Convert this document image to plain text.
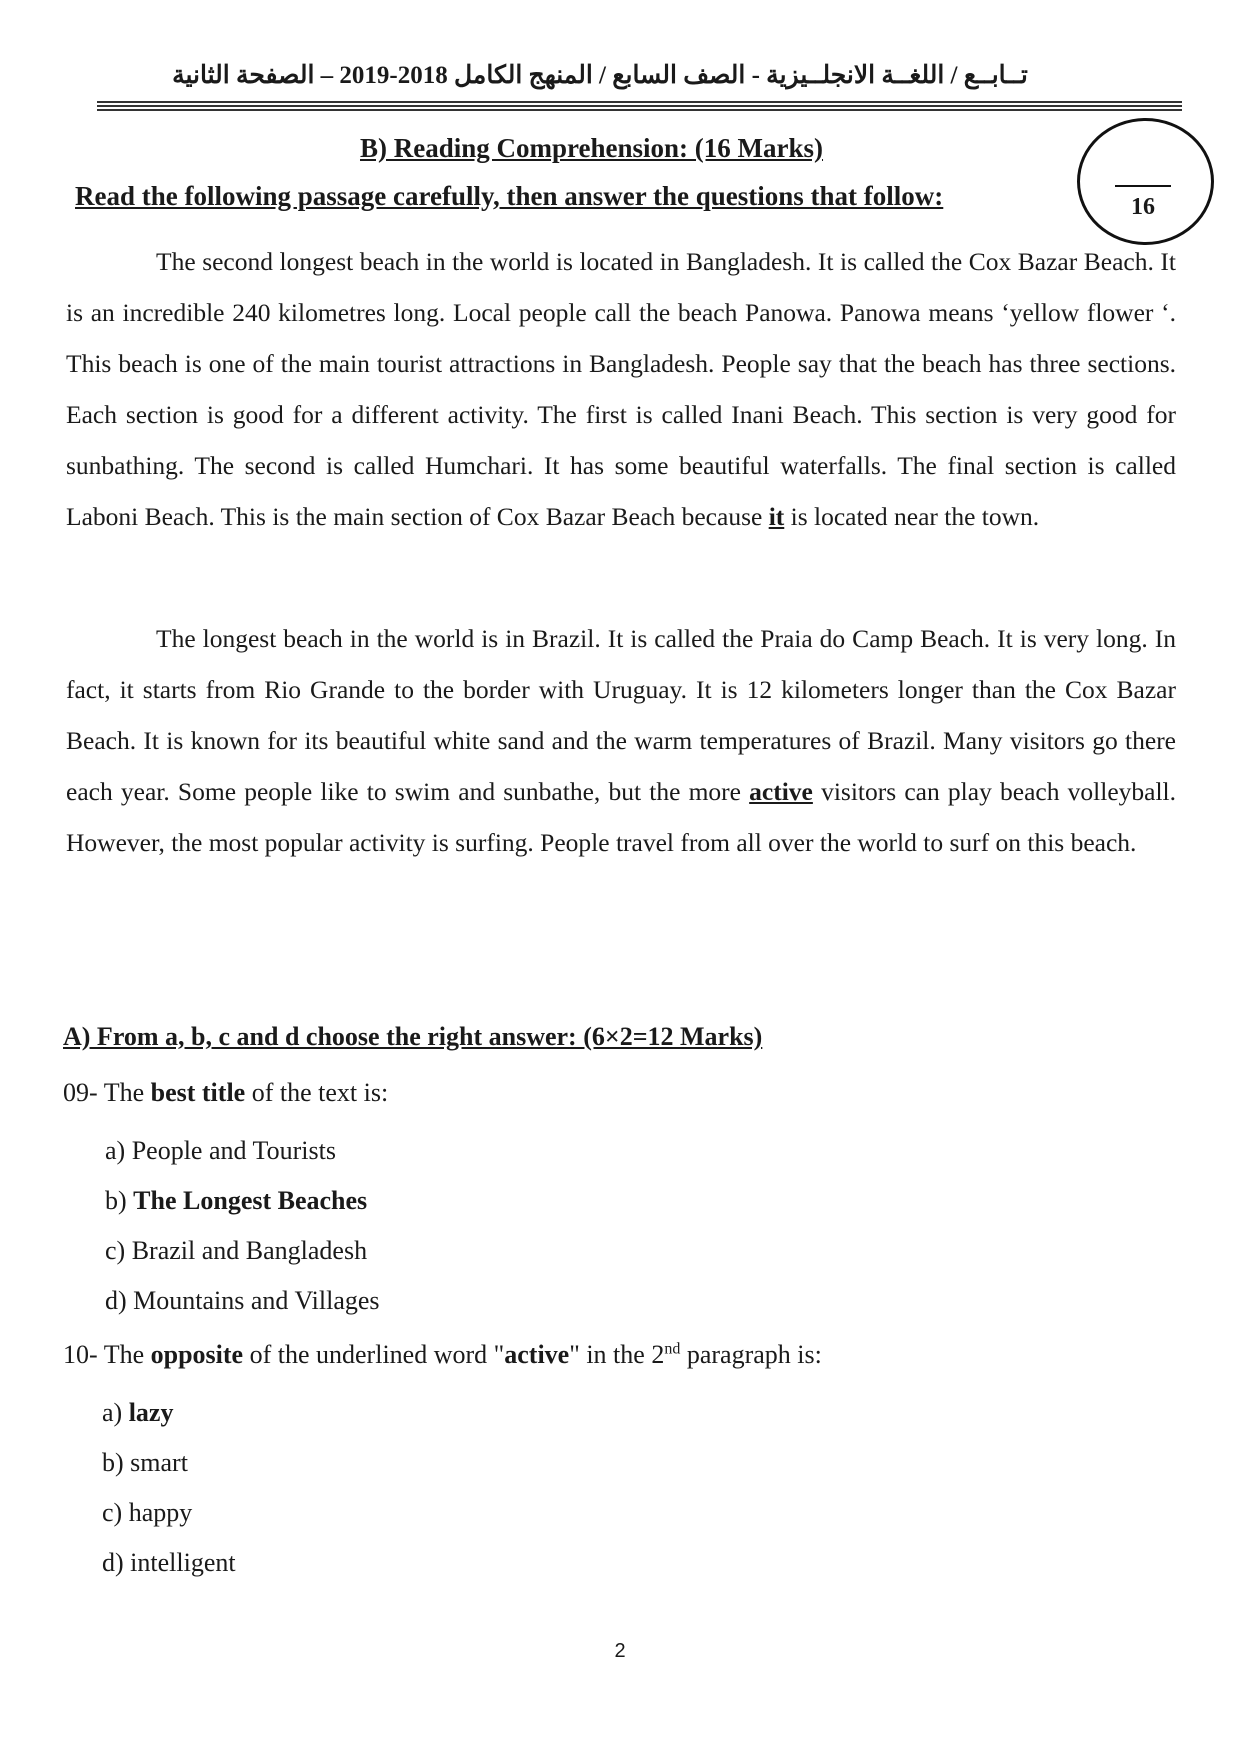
تــابــع / اللغــة الانجلــيزية - الصف السابع / المنهج الكامل 2018-2019 – الصفحة الثانية
B) Reading Comprehension: (16 Marks)
Read the following passage carefully, then answer the questions that follow:	16
The second longest beach in the world is located in Bangladesh. It is called the Cox Bazar Beach. It is an incredible 240 kilometres long. Local people call the beach Panowa. Panowa means ‘yellow flower ‘. This beach is one of the main tourist attractions in Bangladesh. People say that the beach has three sections. Each section is good for a different activity. The first is called Inani Beach. This section is very good for sunbathing. The second is called Humchari. It has some beautiful waterfalls. The final section is called Laboni Beach. This is the main section of Cox Bazar Beach because it is located near the town.
The longest beach in the world is in Brazil. It is called the Praia do Camp Beach. It is very long. In fact, it starts from Rio Grande to the border with Uruguay. It is 12 kilometers longer than the Cox Bazar Beach. It is known for its beautiful white sand and the warm temperatures of Brazil. Many visitors go there each year. Some people like to swim and sunbathe, but the more active visitors can play beach volleyball. However, the most popular activity is surfing. People travel from all over the world to surf on this beach.
A) From a, b, c and d choose the right answer: (6×2=12 Marks)
09- The best title of the text is:
a) People and Tourists
b) The Longest Beaches
c) Brazil and Bangladesh
d) Mountains and Villages
10- The opposite of the underlined word "active" in the 2nd paragraph is:
a) lazy
b) smart
c) happy
d) intelligent
2
